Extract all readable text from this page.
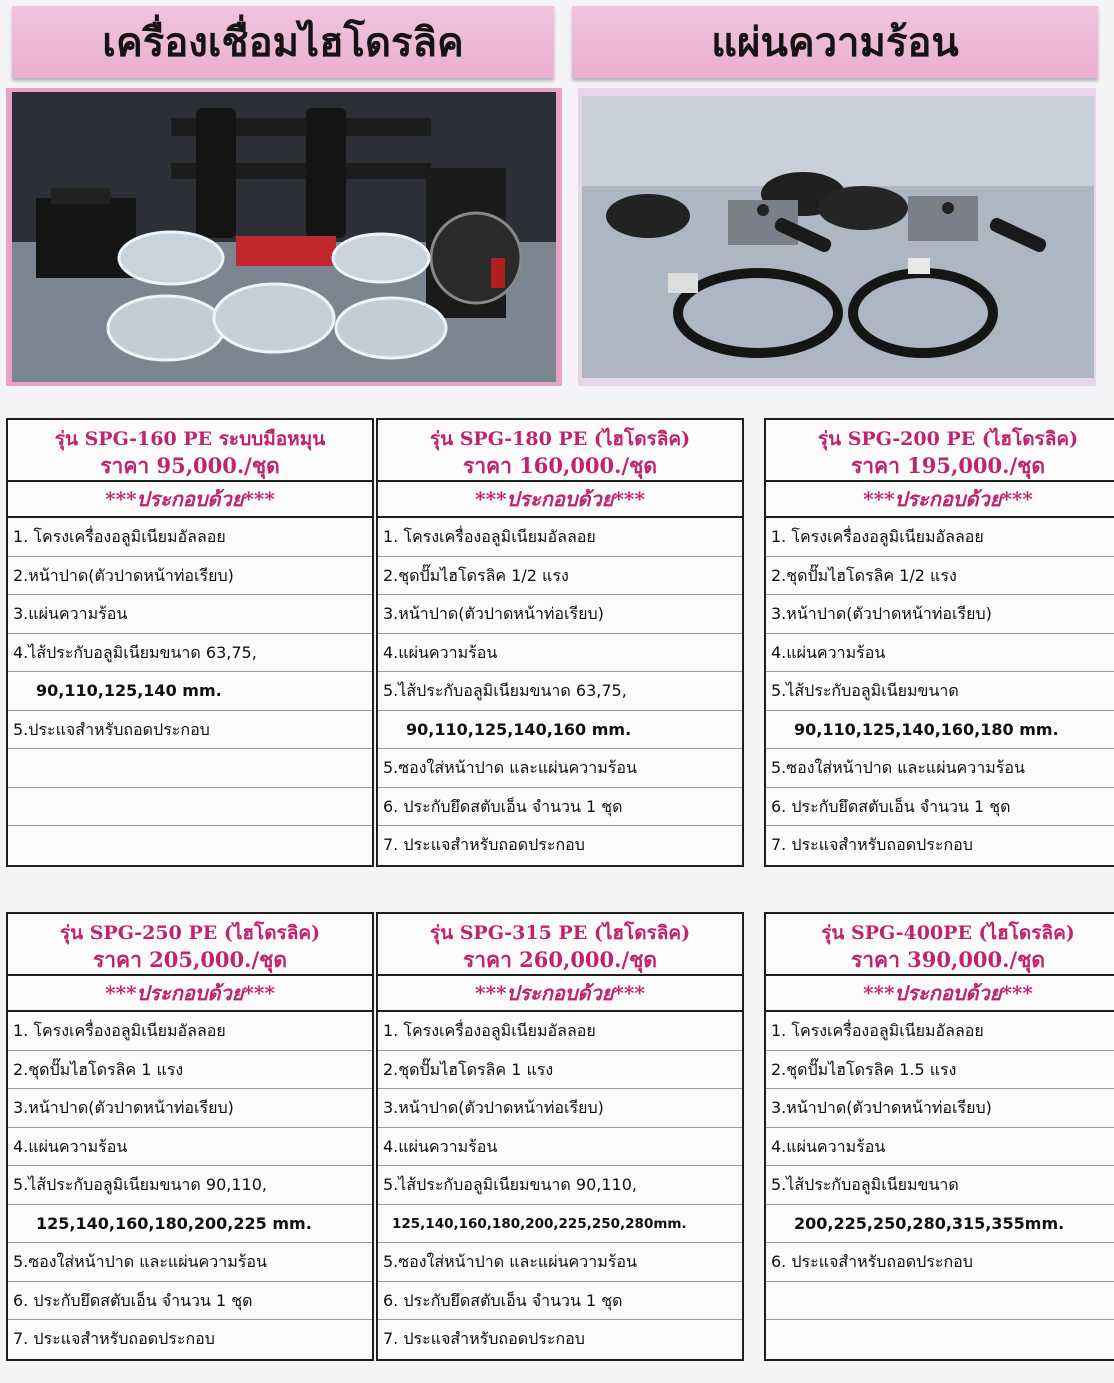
เครื่องเชื่อมไฮโดรลิค	แผ่นความร้อน
รุ่น SPG-160 PE ระบบมือหมุน
ราคา 95,000./ชุด
***ประกอบด้วย***
1. โครงเครื่องอลูมิเนียมอัลลอย
2.หน้าปาด(ตัวปาดหน้าท่อเรียบ)
3.แผ่นความร้อน
4.ไส้ประกับอลูมิเนียมขนาด 63,75,
90,110,125,140 mm.
5.ประแจสำหรับถอดประกอบ
รุ่น SPG-180 PE (ไฮโดรลิค)
ราคา 160,000./ชุด
***ประกอบด้วย***
1. โครงเครื่องอลูมิเนียมอัลลอย
2.ชุดปั๊มไฮโดรลิค 1/2 แรง
3.หน้าปาด(ตัวปาดหน้าท่อเรียบ)
4.แผ่นความร้อน
5.ไส้ประกับอลูมิเนียมขนาด 63,75,
90,110,125,140,160 mm.
5.ซองใส่หน้าปาด และแผ่นความร้อน
6. ประกับยึดสตับเอ็น จำนวน 1 ชุด
7. ประแจสำหรับถอดประกอบ
รุ่น SPG-200 PE (ไฮโดรลิค)
ราคา 195,000./ชุด
***ประกอบด้วย***
1. โครงเครื่องอลูมิเนียมอัลลอย
2.ชุดปั๊มไฮโดรลิค 1/2 แรง
3.หน้าปาด(ตัวปาดหน้าท่อเรียบ)
4.แผ่นความร้อน
5.ไส้ประกับอลูมิเนียมขนาด
90,110,125,140,160,180 mm.
5.ซองใส่หน้าปาด และแผ่นความร้อน
6. ประกับยึดสตับเอ็น จำนวน 1 ชุด
7. ประแจสำหรับถอดประกอบ
รุ่น SPG-250 PE (ไฮโดรลิค)
ราคา 205,000./ชุด
***ประกอบด้วย***
1. โครงเครื่องอลูมิเนียมอัลลอย
2.ชุดปั๊มไฮโดรลิค 1 แรง
3.หน้าปาด(ตัวปาดหน้าท่อเรียบ)
4.แผ่นความร้อน
5.ไส้ประกับอลูมิเนียมขนาด 90,110,
125,140,160,180,200,225 mm.
5.ซองใส่หน้าปาด และแผ่นความร้อน
6. ประกับยึดสตับเอ็น จำนวน 1 ชุด
7. ประแจสำหรับถอดประกอบ
รุ่น SPG-315 PE (ไฮโดรลิค)
ราคา 260,000./ชุด
***ประกอบด้วย***
1. โครงเครื่องอลูมิเนียมอัลลอย
2.ชุดปั๊มไฮโดรลิค 1 แรง
3.หน้าปาด(ตัวปาดหน้าท่อเรียบ)
4.แผ่นความร้อน
5.ไส้ประกับอลูมิเนียมขนาด 90,110,
125,140,160,180,200,225,250,280mm.
5.ซองใส่หน้าปาด และแผ่นความร้อน
6. ประกับยึดสตับเอ็น จำนวน 1 ชุด
7. ประแจสำหรับถอดประกอบ
รุ่น SPG-400PE (ไฮโดรลิค)
ราคา 390,000./ชุด
***ประกอบด้วย***
1. โครงเครื่องอลูมิเนียมอัลลอย
2.ชุดปั๊มไฮโดรลิค 1.5 แรง
3.หน้าปาด(ตัวปาดหน้าท่อเรียบ)
4.แผ่นความร้อน
5.ไส้ประกับอลูมิเนียมขนาด
200,225,250,280,315,355mm.
6. ประแจสำหรับถอดประกอบ
